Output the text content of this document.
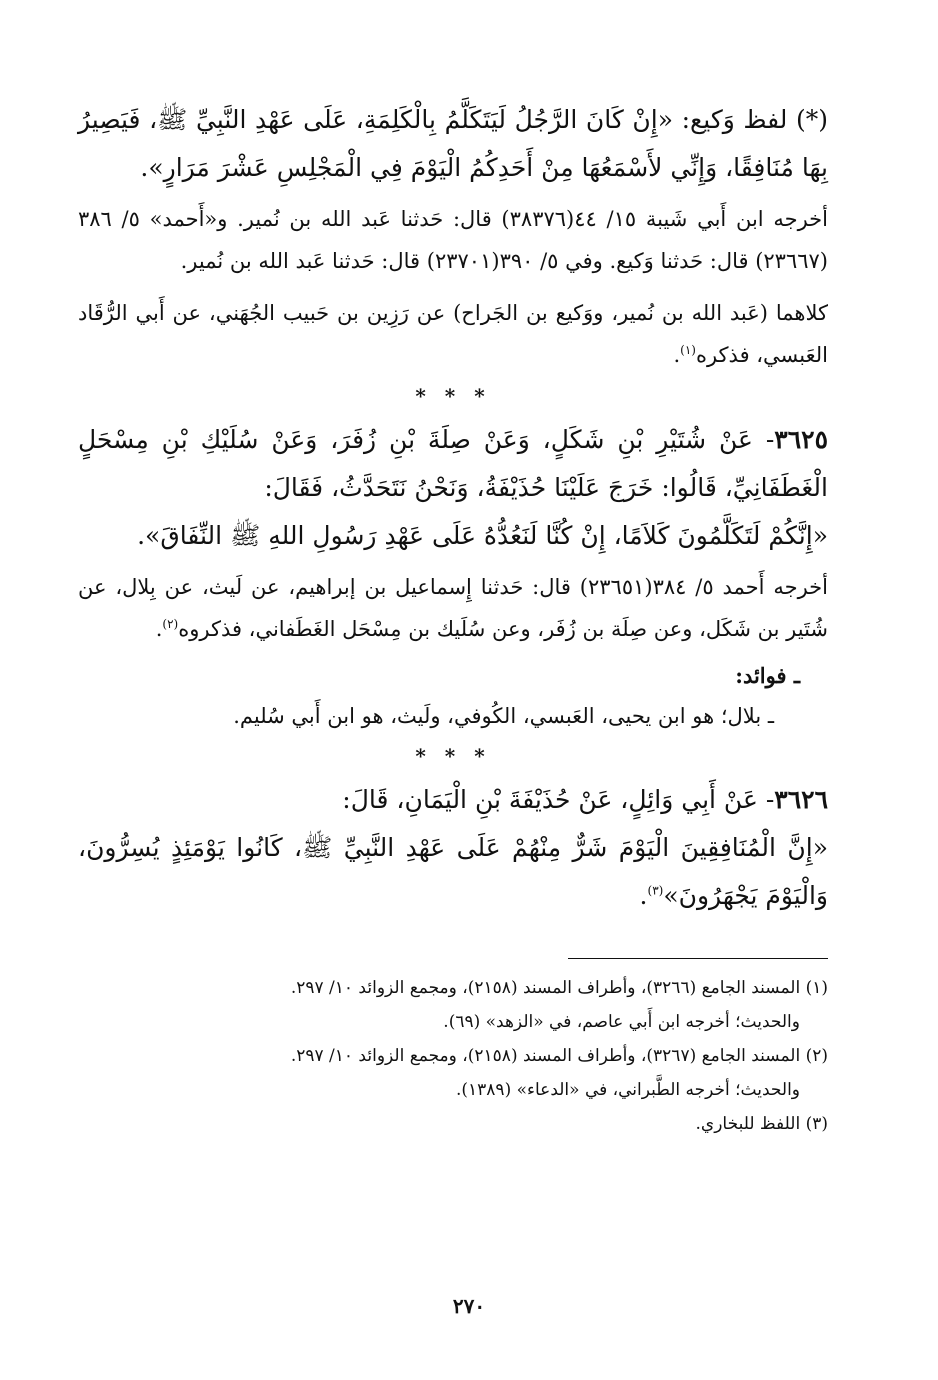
(*) لفظ وَكيع: «إِنْ كَانَ الرَّجُلُ لَيَتَكَلَّمُ بِالْكَلِمَةِ، عَلَى عَهْدِ النَّبِيِّ ﷺ، فَيَصِيرُ بِهَا مُنَافِقًا، وَإِنِّي لأَسْمَعُهَا مِنْ أَحَدِكُمُ الْيَوْمَ فِي الْمَجْلِسِ عَشْرَ مَرَارٍ».

أخرجه ابن أَبي شَيبة ١٥/ ٤٤(٣٨٣٧٦) قال: حَدثنا عَبد الله بن نُمير. و«أَحمد» ٥/ ٣٨٦ (٢٣٦٦٧) قال: حَدثنا وَكيع. وفي ٥/ ٣٩٠(٢٣٧٠١) قال: حَدثنا عَبد الله بن نُمير.

كلاهما (عَبد الله بن نُمير، ووَكيع بن الجَراح) عن رَزِين بن حَبيب الجُهَني، عن أَبي الرُّقَاد العَبسي، فذكره$^{(١)}$.

* * *

٣٦٢٥- عَنْ شُتَيْرِ بْنِ شَكَلٍ، وَعَنْ صِلَةَ بْنِ زُفَرَ، وَعَنْ سُلَيْكِ بْنِ مِسْحَلٍ الْغَطَفَانِيِّ، قَالُوا: خَرَجَ عَلَيْنَا حُذَيْفَةُ، وَنَحْنُ نَتَحَدَّثُ، فَقَالَ:

«إِنَّكُمْ لَتَكَلَّمُونَ كَلاَمًا، إِنْ كُنَّا لَنَعُدُّهُ عَلَى عَهْدِ رَسُولِ اللهِ ﷺ النِّفَاقَ».

أخرجه أَحمد ٥/ ٣٨٤(٢٣٦٥١) قال: حَدثنا إِسماعيل بن إبراهيم، عن لَيث، عن بِلال، عن شُتَير بن شَكَل، وعن صِلَة بن زُفَر، وعن سُلَيك بن مِسْحَل الغَطَفاني، فذكروه$^{(٢)}$.

ـ فوائد:

ـ بلال؛ هو ابن يحيى، العَبسي، الكُوفي، ولَيث، هو ابن أَبي سُليم.

* * *

٣٦٢٦- عَنْ أَبِي وَائِلٍ، عَنْ حُذَيْفَةَ بْنِ الْيَمَانِ، قَالَ:

«إِنَّ الْمُنَافِقِينَ الْيَوْمَ شَرٌّ مِنْهُمْ عَلَى عَهْدِ النَّبِيِّ ﷺ، كَانُوا يَوْمَئِذٍ يُسِرُّونَ، وَالْيَوْمَ يَجْهَرُونَ»$^{(٣)}$.

(١) المسند الجامع (٣٢٦٦)، وأطراف المسند (٢١٥٨)، ومجمع الزوائد ١٠/ ٢٩٧.
والحديث؛ أخرجه ابن أَبي عاصم، في «الزهد» (٦٩).

(٢) المسند الجامع (٣٢٦٧)، وأطراف المسند (٢١٥٨)، ومجمع الزوائد ١٠/ ٢٩٧.
والحديث؛ أخرجه الطَّبراني، في «الدعاء» (١٣٨٩).

(٣) اللفظ للبخاري.

٢٧٠
